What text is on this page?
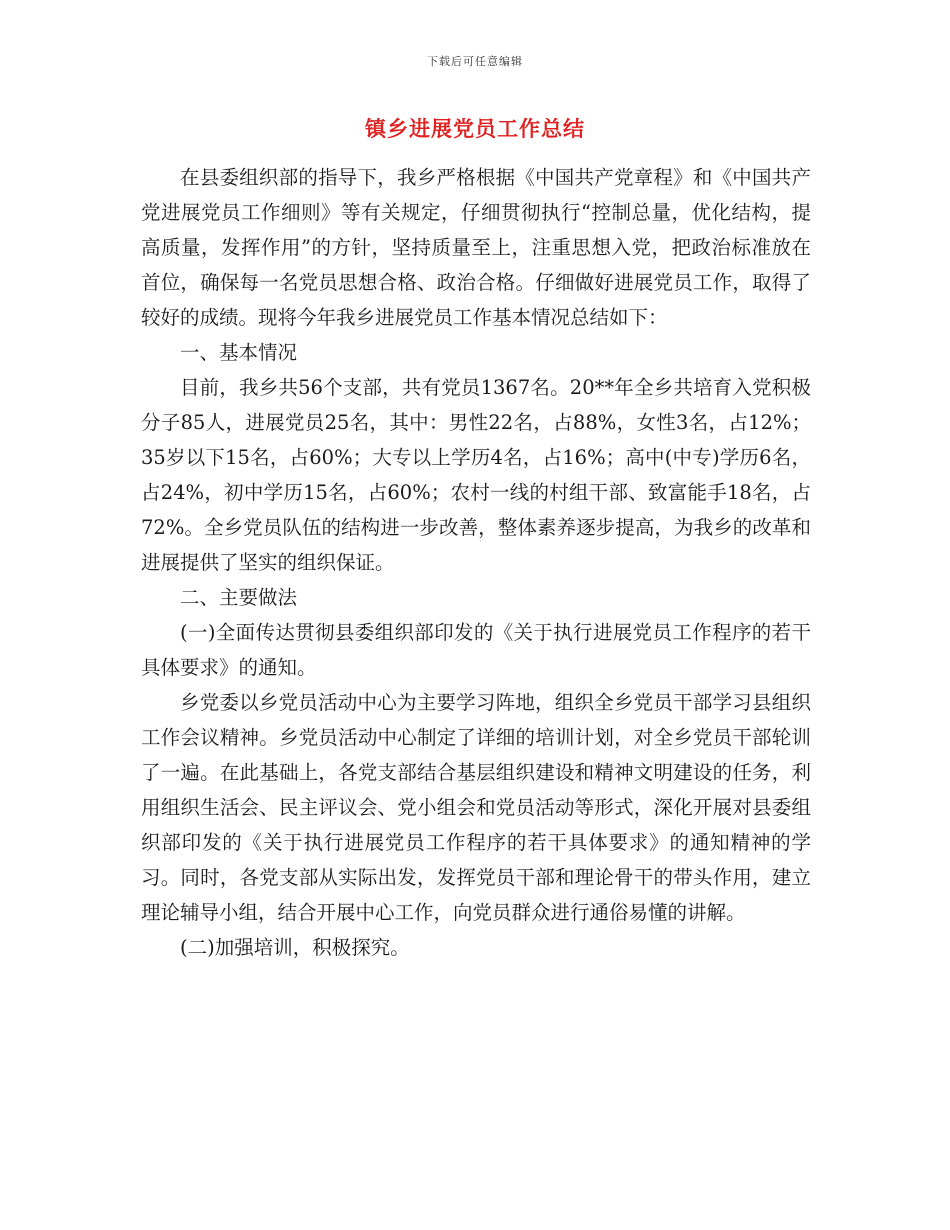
下载后可任意编辑
镇乡进展党员工作总结

在县委组织部的指导下，我乡严格根据《中国共产党章程》和《中国共产党进展党员工作细则》等有关规定，仔细贯彻执行“控制总量，优化结构，提高质量，发挥作用”的方针，坚持质量至上，注重思想入党，把政治标准放在首位，确保每一名党员思想合格、政治合格。仔细做好进展党员工作，取得了较好的成绩。现将今年我乡进展党员工作基本情况总结如下：

一、基本情况

目前，我乡共56个支部，共有党员1367名。20**年全乡共培育入党积极分子85人，进展党员25名，其中：男性22名，占88%，女性3名，占12%；35岁以下15名，占60%；大专以上学历4名，占16%；高中(中专)学历6名，占24%，初中学历15名，占60%；农村一线的村组干部、致富能手18名，占72%。全乡党员队伍的结构进一步改善，整体素养逐步提高，为我乡的改革和进展提供了坚实的组织保证。

二、主要做法

(一)全面传达贯彻县委组织部印发的《关于执行进展党员工作程序的若干具体要求》的通知。

乡党委以乡党员活动中心为主要学习阵地，组织全乡党员干部学习县组织工作会议精神。乡党员活动中心制定了详细的培训计划，对全乡党员干部轮训了一遍。在此基础上，各党支部结合基层组织建设和精神文明建设的任务，利用组织生活会、民主评议会、党小组会和党员活动等形式，深化开展对县委组织部印发的《关于执行进展党员工作程序的若干具体要求》的通知精神的学习。同时，各党支部从实际出发，发挥党员干部和理论骨干的带头作用，建立理论辅导小组，结合开展中心工作，向党员群众进行通俗易懂的讲解。

(二)加强培训，积极探究。
